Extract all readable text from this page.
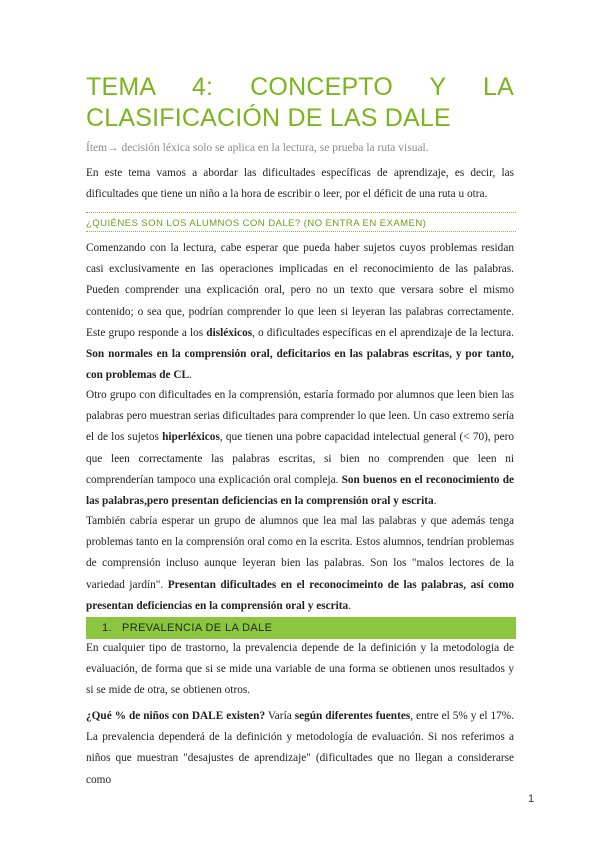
TEMA 4: CONCEPTO Y LA CLASIFICACIÓN DE LAS DALE
Ítem→ decisión léxica solo se aplica en la lectura, se prueba la ruta visual.
En este tema vamos a abordar las dificultades específicas de aprendizaje, es decir, las dificultades que tiene un niño a la hora de escribir o leer, por el déficit de una ruta u otra.
¿QUIÉNES SON LOS ALUMNOS CON DALE? (NO ENTRA EN EXAMEN)
Comenzando con la lectura, cabe esperar que pueda haber sujetos cuyos problemas residan casi exclusivamente en las operaciones implicadas en el reconocimiento de las palabras. Pueden comprender una explicación oral, pero no un texto que versara sobre el mismo contenido; o sea que, podrían comprender lo que leen si leyeran las palabras correctamente. Este grupo responde a los disléxicos, o dificultades específicas en el aprendizaje de la lectura. Son normales en la comprensión oral, deficitarios en las palabras escritas, y por tanto, con problemas de CL.
Otro grupo con dificultades en la comprensión, estaría formado por alumnos que leen bien las palabras pero muestran serias dificultades para comprender lo que leen. Un caso extremo sería el de los sujetos hiperléxicos, que tienen una pobre capacidad intelectual general (< 70), pero que leen correctamente las palabras escritas, si bien no comprenden que leen ni comprenderían tampoco una explicación oral compleja. Son buenos en el reconocimiento de las palabras,pero presentan deficiencias en la comprensión oral y escrita.
También cabría esperar un grupo de alumnos que lea mal las palabras y que además tenga problemas tanto en la comprensión oral como en la escrita. Estos alumnos, tendrían problemas de comprensión incluso aunque leyeran bien las palabras. Son los "malos lectores de la variedad jardín". Presentan dificultades en el reconocimeinto de las palabras, así como presentan deficiencias en la comprensión oral y escrita.
1. PREVALENCIA DE LA DALE
En cualquier tipo de trastorno, la prevalencia depende de la definición y la metodologia de evaluación, de forma que si se mide una variable de una forma se obtienen unos resultados y si se mide de otra, se obtienen otros.
¿Qué % de niños con DALE existen? Varía según diferentes fuentes, entre el 5% y el 17%. La prevalencia dependerá de la definición y metodología de evaluación. Si nos referimos a niños que muestran "desajustes de aprendizaje" (dificultades que no llegan a considerarse como
1
